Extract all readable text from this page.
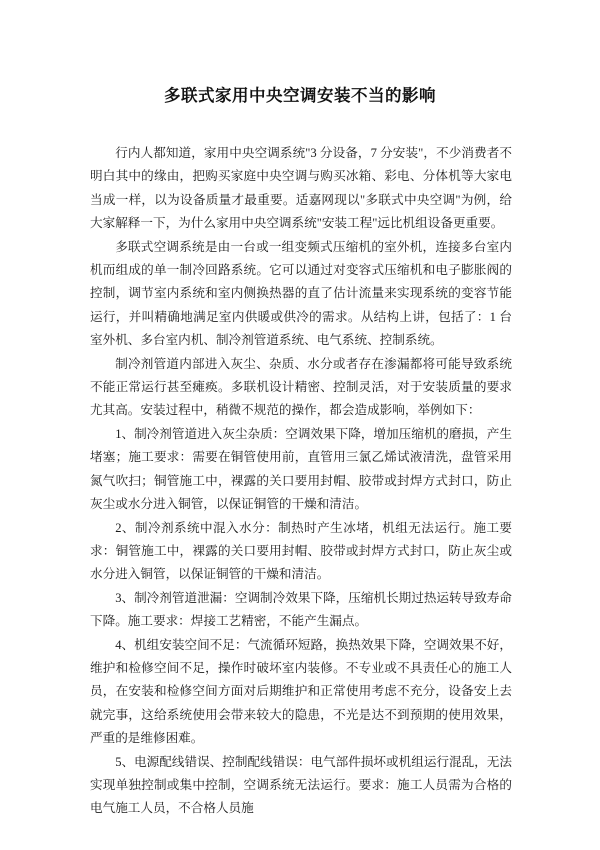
多联式家用中央空调安装不当的影响

行内人都知道，家用中央空调系统"3 分设备，7 分安装"，不少消费者不明白其中的缘由，把购买家庭中央空调与购买冰箱、彩电、分体机等大家电当成一样，以为设备质量才最重要。适嘉网现以"多联式中央空调"为例，给大家解释一下，为什么家用中央空调系统"安装工程"远比机组设备更重要。

多联式空调系统是由一台或一组变频式压缩机的室外机，连接多台室内机而组成的单一制冷回路系统。它可以通过对变容式压缩机和电子膨胀阀的控制，调节室内系统和室内侧换热器的直了估计流量来实现系统的变容节能运行，并叫精确地满足室内供暖或供冷的需求。从结构上讲，包括了：1 台室外机、多台室内机、制冷剂管道系统、电气系统、控制系统。

制冷剂管道内部进入灰尘、杂质、水分或者存在渗漏都将可能导致系统不能正常运行甚至瘫痪。多联机设计精密、控制灵活，对于安装质量的要求尤其高。安装过程中，稍微不规范的操作，都会造成影响，举例如下：

1、制冷剂管道进入灰尘杂质：空调效果下降，增加压缩机的磨损，产生堵塞；施工要求：需要在铜管使用前，直管用三氯乙烯试液清洗，盘管采用氮气吹扫；铜管施工中，裸露的关口要用封帽、胶带或封焊方式封口，防止灰尘或水分进入铜管，以保证铜管的干燥和清洁。

2、制冷剂系统中混入水分：制热时产生冰堵，机组无法运行。施工要求：铜管施工中，裸露的关口要用封帽、胶带或封焊方式封口，防止灰尘或水分进入铜管，以保证铜管的干燥和清洁。

3、制冷剂管道泄漏：空调制冷效果下降，压缩机长期过热运转导致寿命下降。施工要求：焊接工艺精密，不能产生漏点。

4、机组安装空间不足：气流循环短路，换热效果下降，空调效果不好，维护和检修空间不足，操作时破坏室内装修。不专业或不具责任心的施工人员，在安装和检修空间方面对后期维护和正常使用考虑不充分，设备安上去就完事，这给系统使用会带来较大的隐患，不光是达不到预期的使用效果，严重的是维修困难。

5、电源配线错误、控制配线错误：电气部件损坏或机组运行混乱，无法实现单独控制或集中控制，空调系统无法运行。要求：施工人员需为合格的电气施工人员，不合格人员施
